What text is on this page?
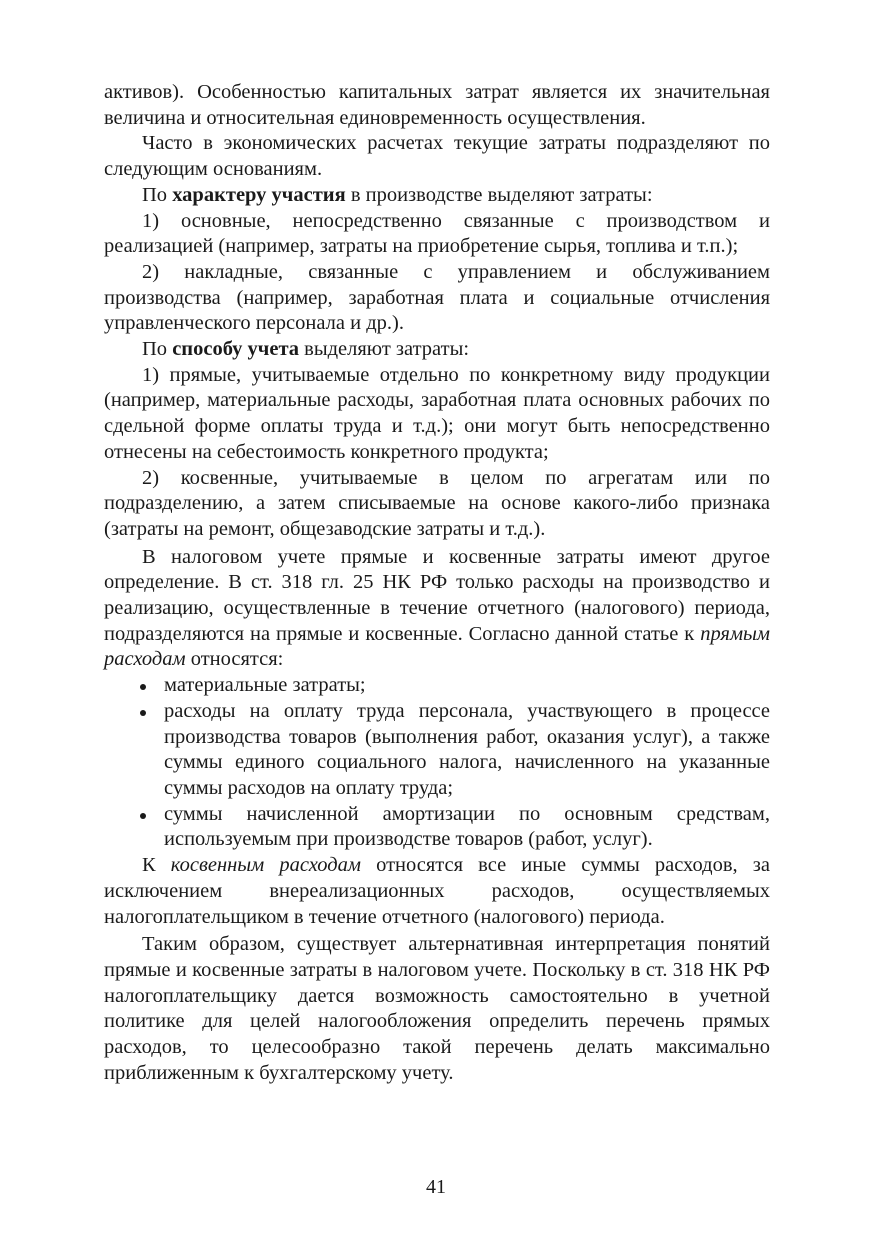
активов). Особенностью капитальных затрат является их значительная величина и относительная единовременность осуществления.

Часто в экономических расчетах текущие затраты подразделяют по следующим основаниям.

По характеру участия в производстве выделяют затраты:

1) основные, непосредственно связанные с производством и реализацией (например, затраты на приобретение сырья, топлива и т.п.);

2) накладные, связанные с управлением и обслуживанием производства (например, заработная плата и социальные отчисления управленческого персонала и др.).

По способу учета выделяют затраты:

1) прямые, учитываемые отдельно по конкретному виду продукции (например, материальные расходы, заработная плата основных рабочих по сдельной форме оплаты труда и т.д.); они могут быть непосредственно отнесены на себестоимость конкретного продукта;

2) косвенные, учитываемые в целом по агрегатам или по подразделению, а затем списываемые на основе какого-либо признака (затраты на ремонт, общезаводские затраты и т.д.).

В налоговом учете прямые и косвенные затраты имеют другое определение. В ст. 318 гл. 25 НК РФ только расходы на производство и реализацию, осуществленные в течение отчетного (налогового) периода, подразделяются на прямые и косвенные. Согласно данной статье к прямым расходам относятся:

материальные затраты;
расходы на оплату труда персонала, участвующего в процессе производства товаров (выполнения работ, оказания услуг), а также суммы единого социального налога, начисленного на указанные суммы расходов на оплату труда;
суммы начисленной амортизации по основным средствам, используемым при производстве товаров (работ, услуг).

К косвенным расходам относятся все иные суммы расходов, за исключением внереализационных расходов, осуществляемых налогоплательщиком в течение отчетного (налогового) периода.

Таким образом, существует альтернативная интерпретация понятий прямые и косвенные затраты в налоговом учете. Поскольку в ст. 318 НК РФ налогоплательщику дается возможность самостоятельно в учетной политике для целей налогообложения определить перечень прямых расходов, то целесообразно такой перечень делать максимально приближенным к бухгалтерскому учету.

41
